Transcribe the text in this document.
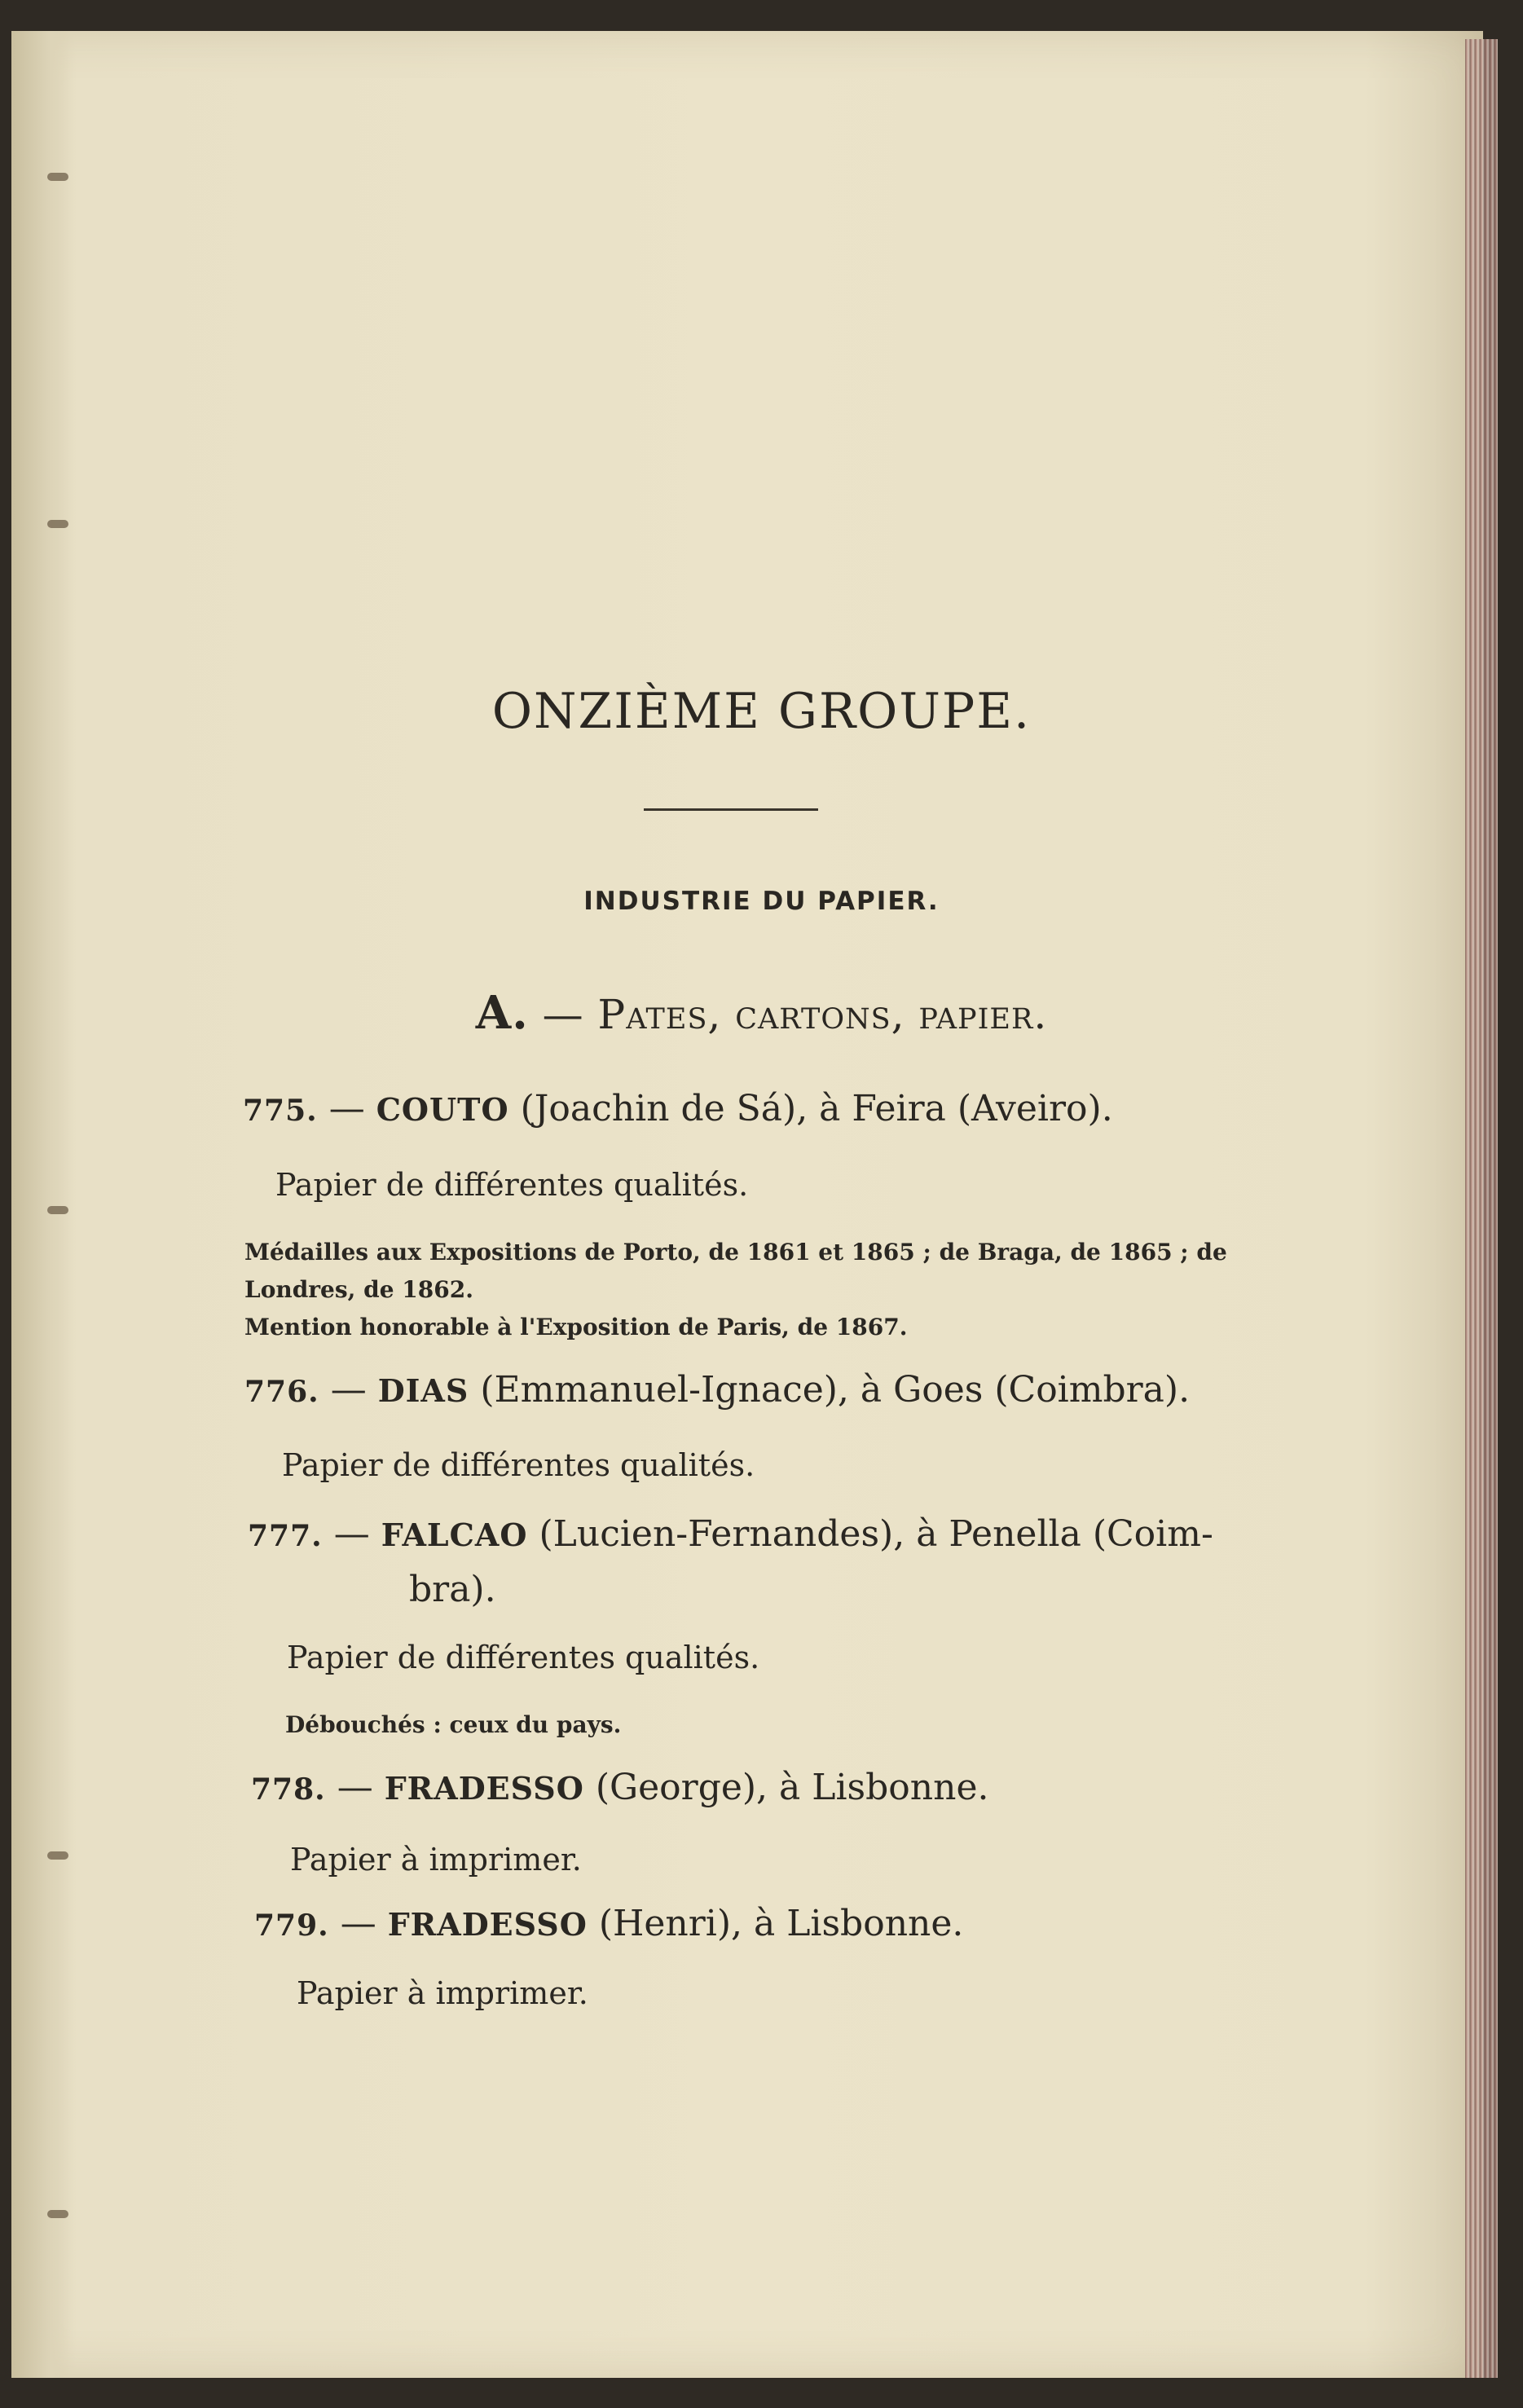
ONZIÈME GROUPE.
INDUSTRIE DU PAPIER.
A. — Pates, cartons, papier.
775. — COUTO (Joachin de Sá), à Feira (Aveiro).
Papier de différentes qualités.
Médailles aux Expositions de Porto, de 1861 et 1865 ; de Braga, de 1865 ; de
Londres, de 1862.
Mention honorable à l'Exposition de Paris, de 1867.
776. — DIAS (Emmanuel-Ignace), à Goes (Coimbra).
Papier de différentes qualités.
777. — FALCAO (Lucien-Fernandes), à Penella (Coim-
bra).
Papier de différentes qualités.
Débouchés : ceux du pays.
778. — FRADESSO (George), à Lisbonne.
Papier à imprimer.
779. — FRADESSO (Henri), à Lisbonne.
Papier à imprimer.
